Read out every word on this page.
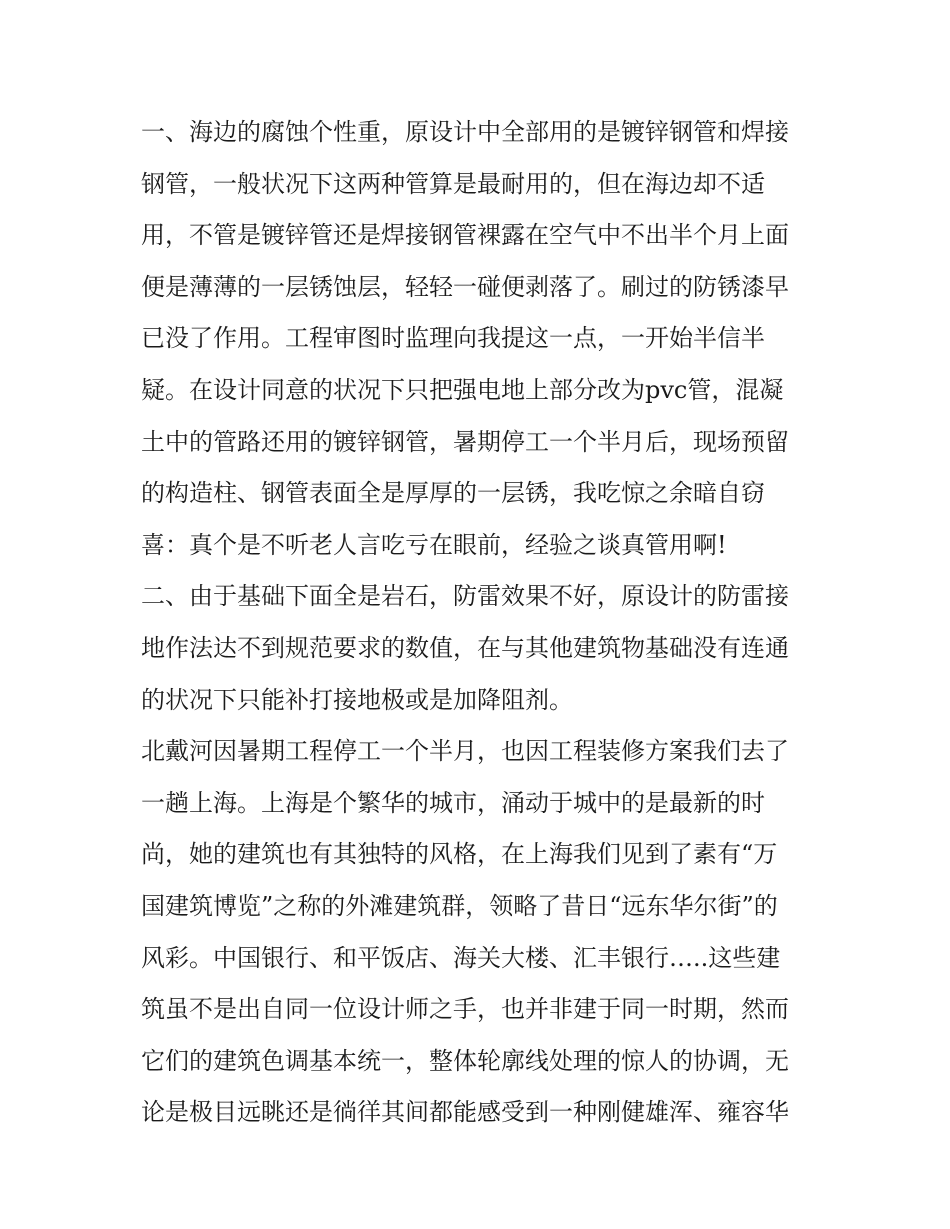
一、海边的腐蚀个性重，原设计中全部用的是镀锌钢管和焊接

钢管，一般状况下这两种管算是最耐用的，但在海边却不适

用，不管是镀锌管还是焊接钢管裸露在空气中不出半个月上面

便是薄薄的一层锈蚀层，轻轻一碰便剥落了。刷过的防锈漆早

已没了作用。工程审图时监理向我提这一点，一开始半信半

疑。在设计同意的状况下只把强电地上部分改为pvc管，混凝

土中的管路还用的镀锌钢管，暑期停工一个半月后，现场预留

的构造柱、钢管表面全是厚厚的一层锈，我吃惊之余暗自窃

喜：真个是不听老人言吃亏在眼前，经验之谈真管用啊!

二、由于基础下面全是岩石，防雷效果不好，原设计的防雷接

地作法达不到规范要求的数值，在与其他建筑物基础没有连通

的状况下只能补打接地极或是加降阻剂。

北戴河因暑期工程停工一个半月，也因工程装修方案我们去了

一趟上海。上海是个繁华的城市，涌动于城中的是最新的时

尚，她的建筑也有其独特的风格，在上海我们见到了素有“万

国建筑博览”之称的外滩建筑群，领略了昔日“远东华尔街”的

风彩。中国银行、和平饭店、海关大楼、汇丰银行…..这些建

筑虽不是出自同一位设计师之手，也并非建于同一时期，然而

它们的建筑色调基本统一，整体轮廓线处理的惊人的协调，无

论是极目远眺还是徜徉其间都能感受到一种刚健雄浑、雍容华
